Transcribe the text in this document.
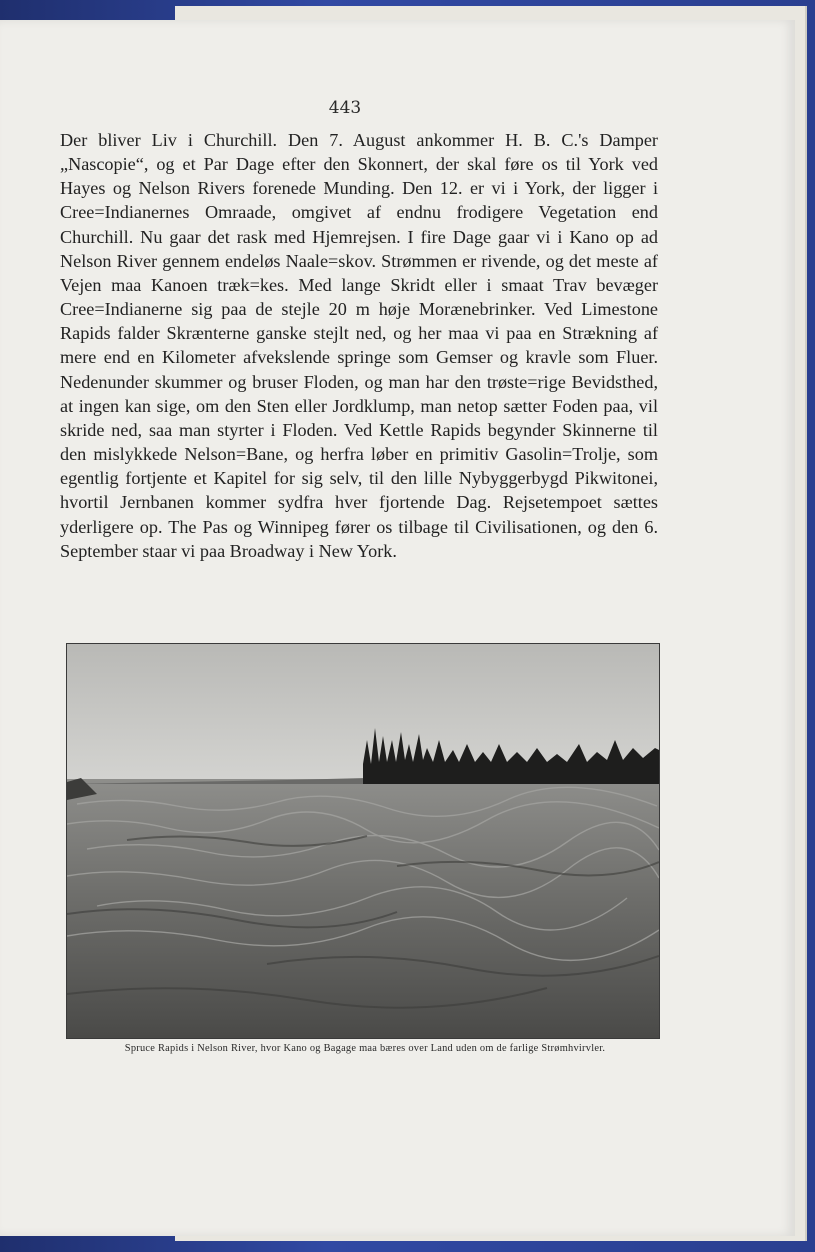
443

Der bliver Liv i Churchill. Den 7. August ankommer H. B. C.'s Damper „Nascopie“, og et Par Dage efter den Skonnert, der skal føre os til York ved Hayes og Nelson Rivers forenede Munding. Den 12. er vi i York, der ligger i Cree=Indianernes Omraade, omgivet af endnu frodigere Vegetation end Churchill. Nu gaar det rask med Hjemrejsen. I fire Dage gaar vi i Kano op ad Nelson River gennem endeløs Naale=skov. Strømmen er rivende, og det meste af Vejen maa Kanoen træk=kes. Med lange Skridt eller i smaat Trav bevæger Cree=Indianerne sig paa de stejle 20 m høje Morænebrinker. Ved Limestone Rapids falder Skrænterne ganske stejlt ned, og her maa vi paa en Strækning af mere end en Kilometer afvekslende springe som Gemser og kravle som Fluer. Nedenunder skummer og bruser Floden, og man har den trøste=rige Bevidsthed, at ingen kan sige, om den Sten eller Jordklump, man netop sætter Foden paa, vil skride ned, saa man styrter i Floden. Ved Kettle Rapids begynder Skinnerne til den mislykkede Nelson=Bane, og herfra løber en primitiv Gasolin=Trolje, som egentlig fortjente et Kapitel for sig selv, til den lille Nybyggerbygd Pikwitonei, hvortil Jernbanen kommer sydfra hver fjortende Dag. Rejsetempoet sættes yderligere op. The Pas og Winnipeg fører os tilbage til Civilisationen, og den 6. September staar vi paa Broadway i New York.

Spruce Rapids i Nelson River, hvor Kano og Bagage maa bæres over Land uden om de farlige Strømhvirvler.
